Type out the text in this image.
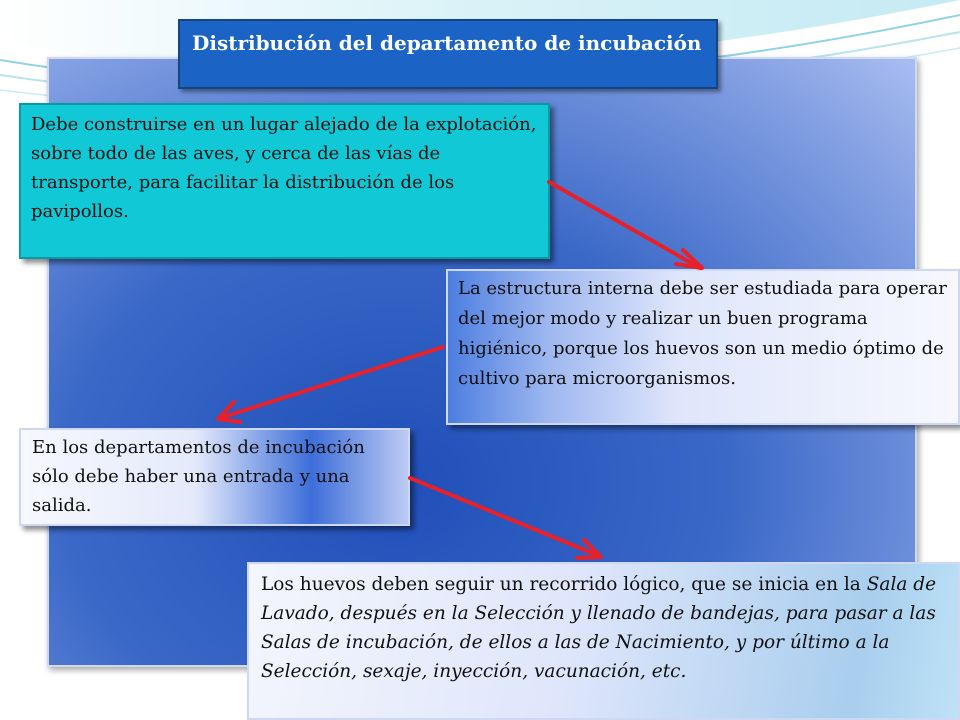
Distribución del departamento de incubación
Debe construirse en un lugar alejado de la explotación, sobre todo de las aves, y cerca de las vías de transporte, para facilitar la distribución de los pavipollos.
La estructura interna debe ser estudiada para operar del mejor modo y realizar un buen programa higiénico, porque los huevos son un medio óptimo de cultivo para microorganismos.
En los departamentos de incubación sólo debe haber una entrada y una salida.
Los huevos deben seguir un recorrido lógico, que se inicia en la Sala de Lavado, después en la Selección y llenado de bandejas, para pasar a las Salas de incubación, de ellos a las de Nacimiento, y por último a la Selección, sexaje, inyección, vacunación, etc.
